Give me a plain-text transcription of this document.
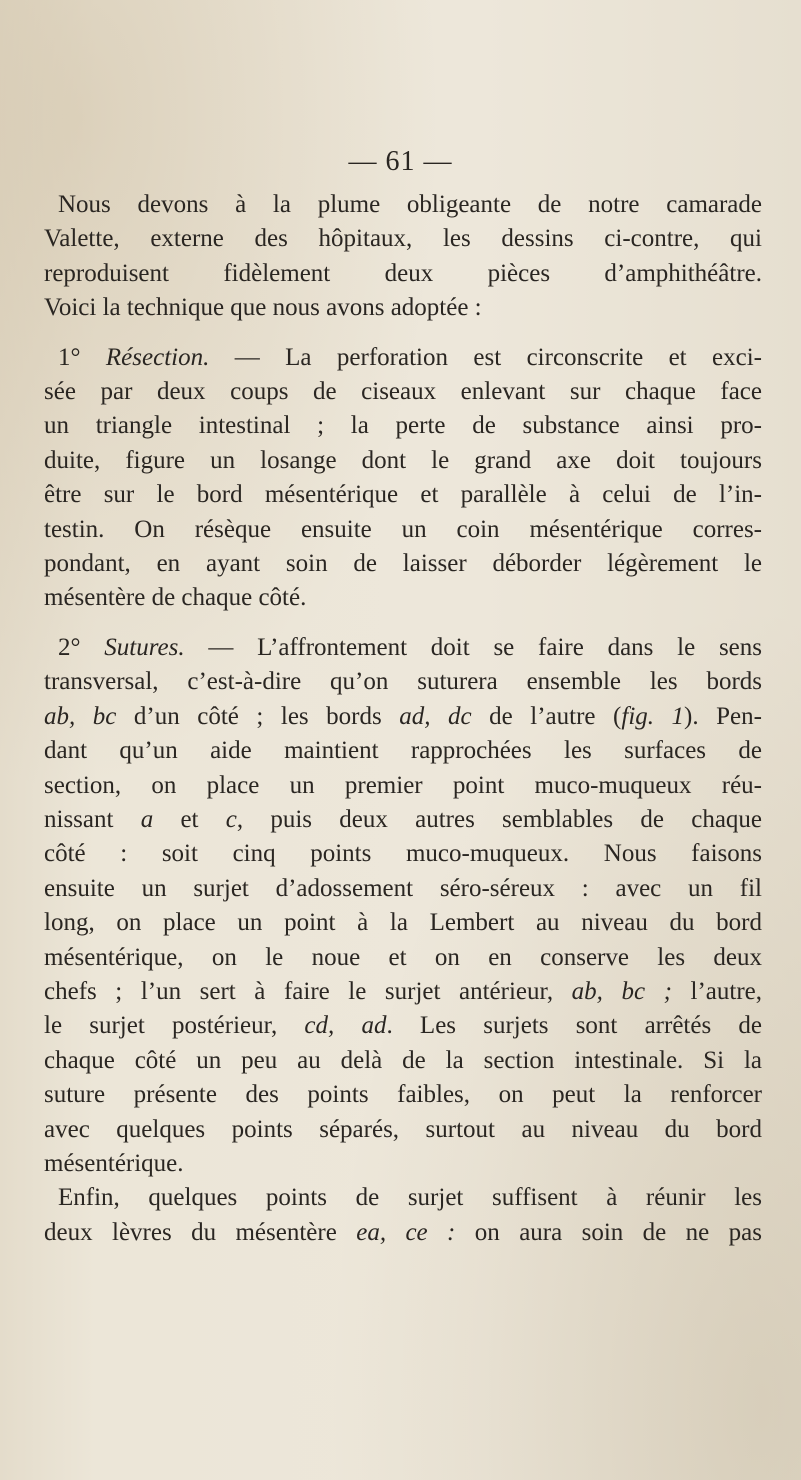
— 61 —

Nous devons à la plume obligeante de notre camarade
Valette, externe des hôpitaux, les dessins ci-contre, qui
reproduisent fidèlement deux pièces d’amphithéâtre.
Voici la technique que nous avons adoptée :

1° Résection. — La perforation est circonscrite et exci-
sée par deux coups de ciseaux enlevant sur chaque face
un triangle intestinal ; la perte de substance ainsi pro-
duite, figure un losange dont le grand axe doit toujours
être sur le bord mésentérique et parallèle à celui de l’in-
testin. On résèque ensuite un coin mésentérique corres-
pondant, en ayant soin de laisser déborder légèrement le
mésentère de chaque côté.

2° Sutures. — L’affrontement doit se faire dans le sens
transversal, c’est-à-dire qu’on suturera ensemble les bords
ab, bc d’un côté ; les bords ad, dc de l’autre (fig. 1). Pen-
dant qu’un aide maintient rapprochées les surfaces de
section, on place un premier point muco-muqueux réu-
nissant a et c, puis deux autres semblables de chaque
côté : soit cinq points muco-muqueux. Nous faisons
ensuite un surjet d’adossement séro-séreux : avec un fil
long, on place un point à la Lembert au niveau du bord
mésentérique, on le noue et on en conserve les deux
chefs ; l’un sert à faire le surjet antérieur, ab, bc ; l’autre,
le surjet postérieur, cd, ad. Les surjets sont arrêtés de
chaque côté un peu au delà de la section intestinale. Si la
suture présente des points faibles, on peut la renforcer
avec quelques points séparés, surtout au niveau du bord
mésentérique.

Enfin, quelques points de surjet suffisent à réunir les
deux lèvres du mésentère ea, ce : on aura soin de ne pas
